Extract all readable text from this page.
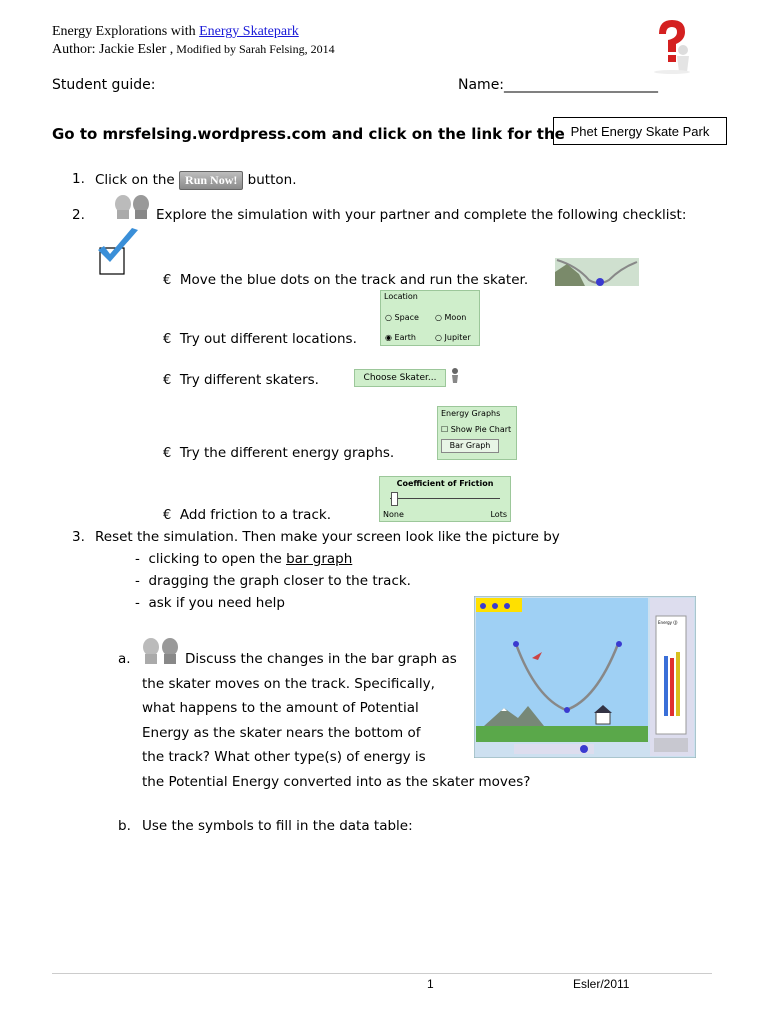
Energy Explorations with Energy Skatepark
Author: Jackie Esler , Modified by Sarah Felsing, 2014
Student guide:	Name:______________________
Go to mrsfelsing.wordpress.com and click on the link for the Phet Energy Skate Park
1. Click on the Run Now! button.
2.	Explore the simulation with your partner and complete the following checklist:
€ Move the blue dots on the track and run the skater.
Location
○ Space ○ Moon
◉ Earth ○ Jupiter
€ Try out different locations.
€ Try different skaters.	Choose Skater...
Energy Graphs
☐ Show Pie Chart
Bar Graph
€ Try the different energy graphs.
Coefficient of Friction
None	Lots
€ Add friction to a track.
3. Reset the simulation. Then make your screen look like the picture by
-  clicking to open the bar graph
-  dragging the graph closer to the track.
-  ask if you need help
Energy (J)
a.	Discuss the changes in the bar graph as
the skater moves on the track. Specifically,
what happens to the amount of Potential
Energy as the skater nears the bottom of
the track? What other type(s) of energy is
the Potential Energy converted into as the skater moves?
b. Use the symbols to fill in the data table:
1	Esler/2011
